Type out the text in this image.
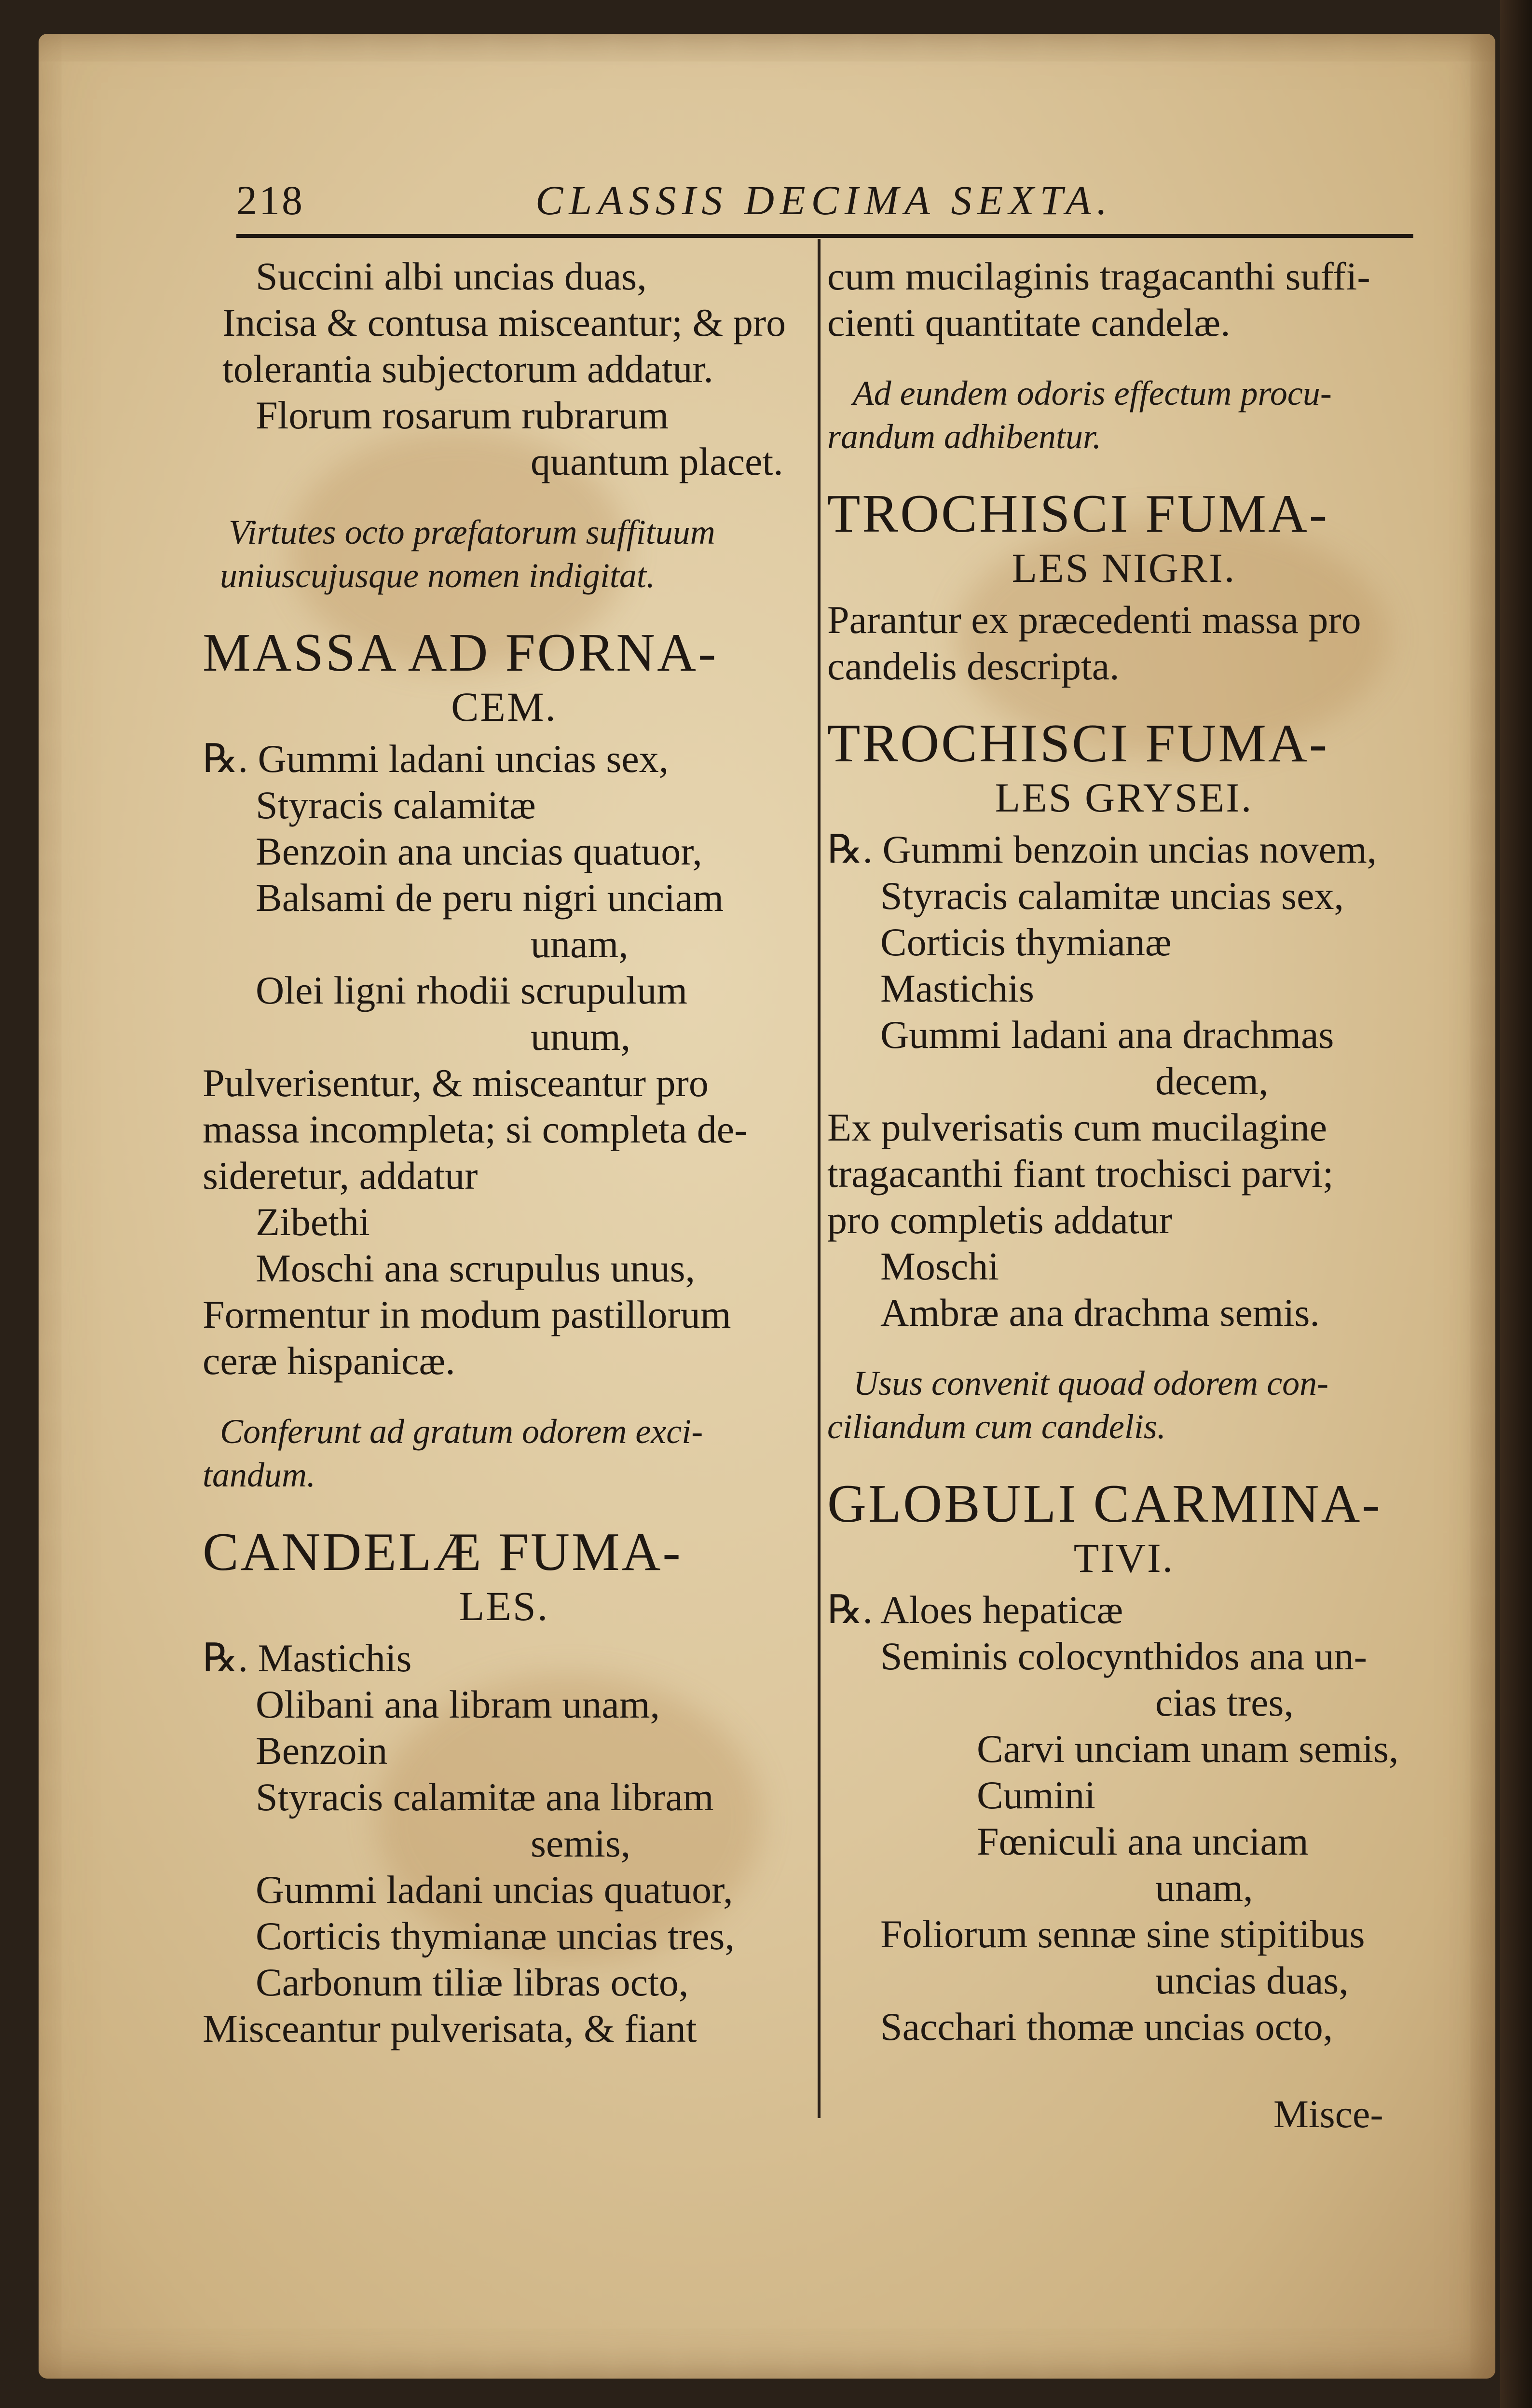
218	CLASSIS DECIMA SEXTA.
Succini albi uncias duas,
Incisa & contusa misceantur; & pro
tolerantia subjectorum addatur.
Florum rosarum rubrarum
quantum placet.
Virtutes octo præfatorum suffituum
uniuscujusque nomen indigitat.
MASSA AD FORNA-
CEM.
℞. Gummi ladani uncias sex,
Styracis calamitæ
Benzoin ana uncias quatuor,
Balsami de peru nigri unciam
unam,
Olei ligni rhodii scrupulum
unum,
Pulverisentur, & misceantur pro
massa incompleta; si completa de-
sideretur, addatur
Zibethi
Moschi ana scrupulus unus,
Formentur in modum pastillorum
ceræ hispanicæ.
Conferunt ad gratum odorem exci-
tandum.
CANDELÆ FUMA-
LES.
℞. Mastichis
Olibani ana libram unam,
Benzoin
Styracis calamitæ ana libram
semis,
Gummi ladani uncias quatuor,
Corticis thymianæ uncias tres,
Carbonum tiliæ libras octo,
Misceantur pulverisata, & fiant
cum mucilaginis tragacanthi suffi-
cienti quantitate candelæ.
Ad eundem odoris effectum procu-
randum adhibentur.
TROCHISCI FUMA-
LES NIGRI.
Parantur ex præcedenti massa pro
candelis descripta.
TROCHISCI FUMA-
LES GRYSEI.
℞. Gummi benzoin uncias novem,
Styracis calamitæ uncias sex,
Corticis thymianæ
Mastichis
Gummi ladani ana drachmas
decem,
Ex pulverisatis cum mucilagine
tragacanthi fiant trochisci parvi;
pro completis addatur
Moschi
Ambræ ana drachma semis.
Usus convenit quoad odorem con-
ciliandum cum candelis.
GLOBULI CARMINA-
TIVI.
℞. Aloes hepaticæ
Seminis colocynthidos ana un-
cias tres,
Carvi unciam unam semis,
Cumini
Fœniculi ana unciam
unam,
Foliorum sennæ sine stipitibus
uncias duas,
Sacchari thomæ uncias octo,
Misce-
